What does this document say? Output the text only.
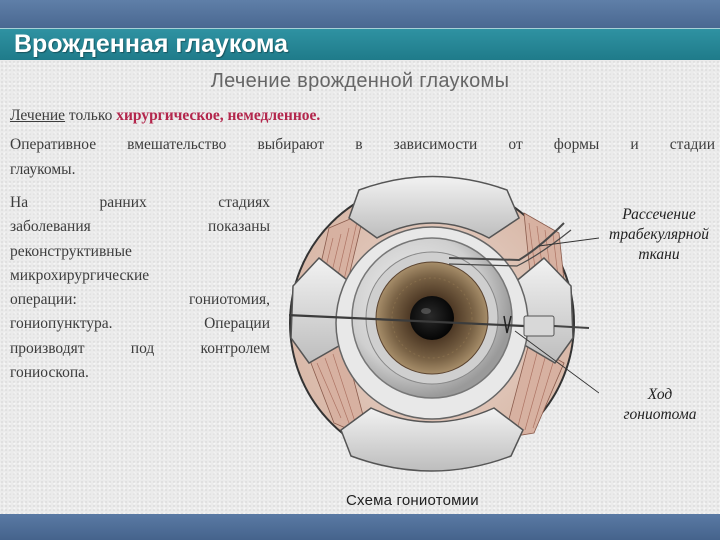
Врожденная глаукома
Лечение врожденной глаукомы
Лечение только хирургическое, немедленное.
Оперативное вмешательство выбирают в зависимости от формы и стадии
глаукомы.
На ранних стадиях
заболевания показаны
реконструктивные
микрохирургические
операции: гониотомия,
гониопунктура. Операции
производят под контролем
гониоскопа.
Рассечение
трабекулярной
ткани
Ход
гониотома
Схема гониотомии
